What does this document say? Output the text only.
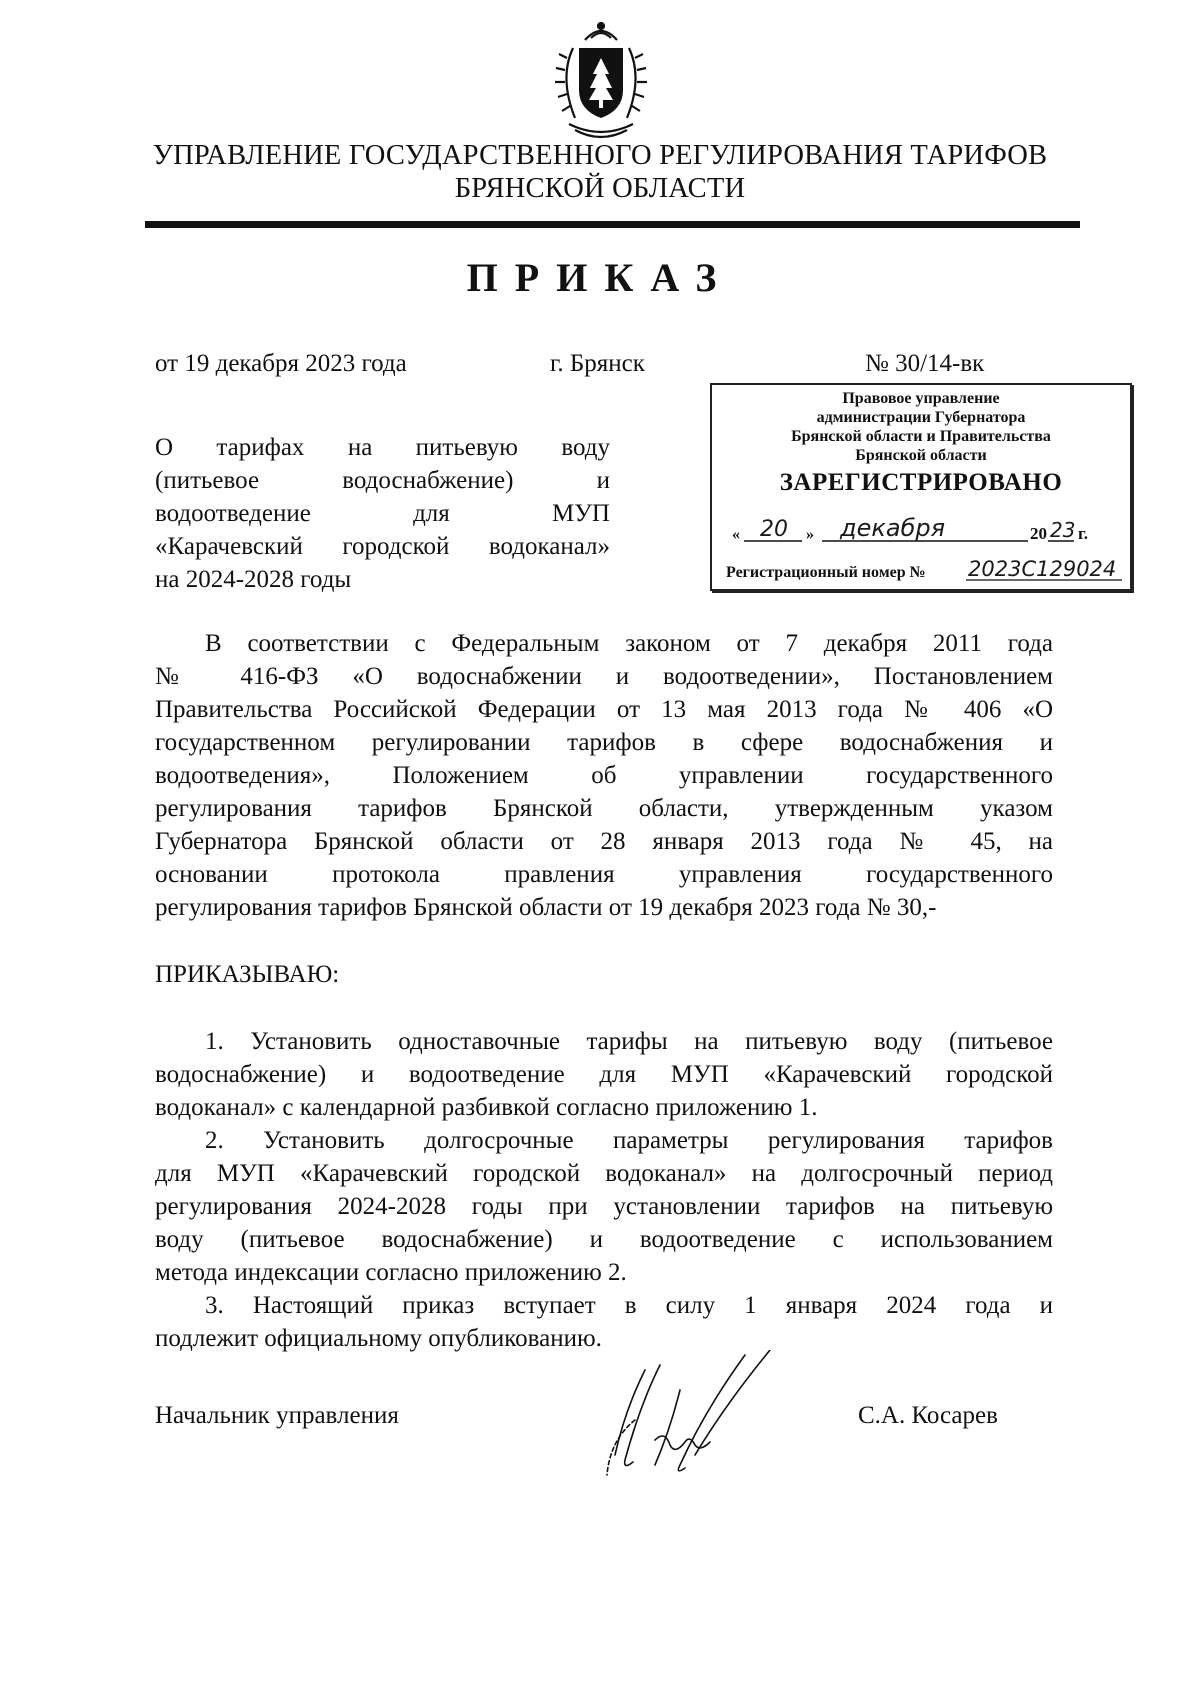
УПРАВЛЕНИЕ ГОСУДАРСТВЕННОГО РЕГУЛИРОВАНИЯ ТАРИФОВ
БРЯНСКОЙ ОБЛАСТИ
ПРИКАЗ
от 19 декабря 2023 года	г. Брянск	№ 30/14-вк
Правовое управление
администрации Губернатора
Брянской области и Правительства
Брянской области
ЗАРЕГИСТРИРОВАНО
« 20 » декабря	20 23 г.
Регистрационный номер № 2023С129024
О тарифах на питьевую воду
(питьевое водоснабжение) и
водоотведение для МУП
«Карачевский городской водоканал»
на 2024-2028 годы
В соответствии с Федеральным законом от 7 декабря 2011 года
№ 416-ФЗ «О водоснабжении и водоотведении», Постановлением
Правительства Российской Федерации от 13 мая 2013 года № 406 «О
государственном регулировании тарифов в сфере водоснабжения и
водоотведения», Положением об управлении государственного
регулирования тарифов Брянской области, утвержденным указом
Губернатора Брянской области от 28 января 2013 года № 45, на
основании протокола правления управления государственного
регулирования тарифов Брянской области от 19 декабря 2023 года № 30,-
ПРИКАЗЫВАЮ:
1. Установить одноставочные тарифы на питьевую воду (питьевое
водоснабжение) и водоотведение для МУП «Карачевский городской
водоканал» с календарной разбивкой согласно приложению 1.
2. Установить долгосрочные параметры регулирования тарифов
для МУП «Карачевский городской водоканал» на долгосрочный период
регулирования 2024-2028 годы при установлении тарифов на питьевую
воду (питьевое водоснабжение) и водоотведение с использованием
метода индексации согласно приложению 2.
3. Настоящий приказ вступает в силу 1 января 2024 года и
подлежит официальному опубликованию.
Начальник управления	С.А. Косарев
